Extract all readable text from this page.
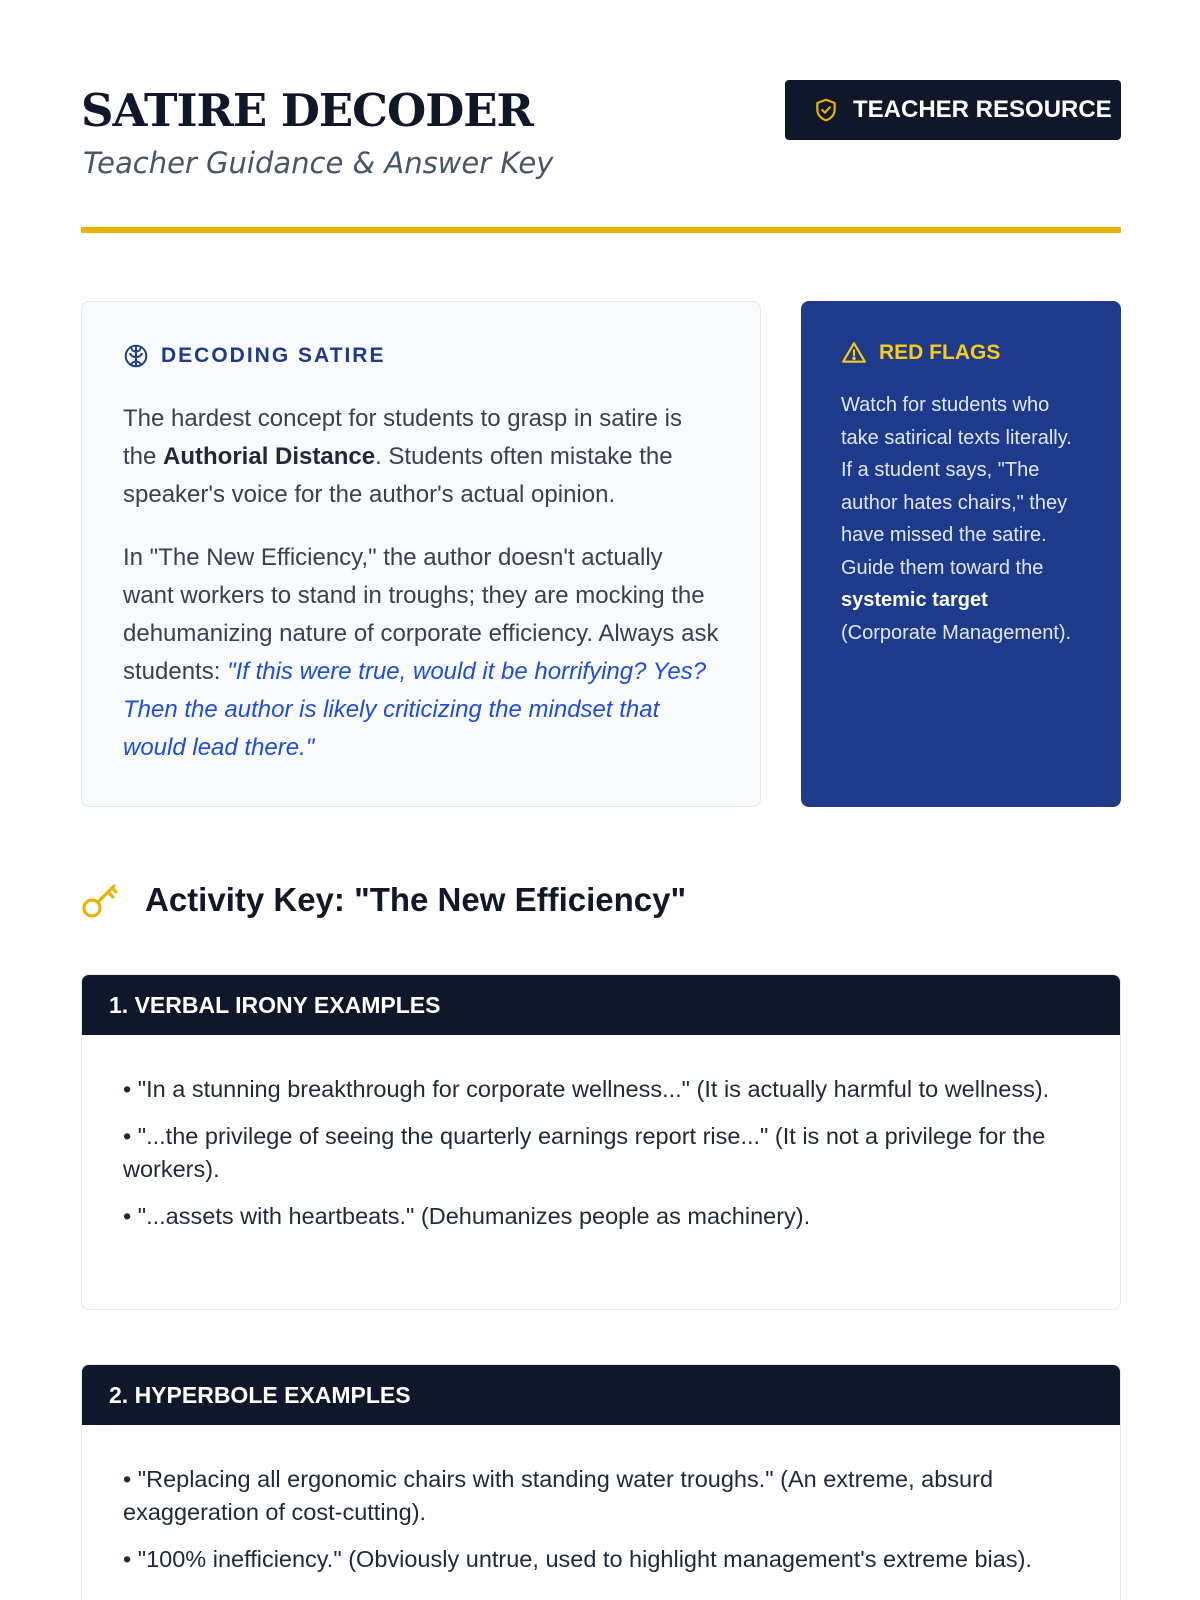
SATIRE DECODER
Teacher Guidance & Answer Key
TEACHER RESOURCE
DECODING SATIRE

The hardest concept for students to grasp in satire is the Authorial Distance. Students often mistake the speaker's voice for the author's actual opinion.

In "The New Efficiency," the author doesn't actually want workers to stand in troughs; they are mocking the dehumanizing nature of corporate efficiency. Always ask students: "If this were true, would it be horrifying? Yes? Then the author is likely criticizing the mindset that would lead there."

RED FLAGS

Watch for students who take satirical texts literally. If a student says, "The author hates chairs," they have missed the satire. Guide them toward the systemic target (Corporate Management).

Activity Key: "The New Efficiency"
1. VERBAL IRONY EXAMPLES
• "In a stunning breakthrough for corporate wellness..." (It is actually harmful to wellness).
• "...the privilege of seeing the quarterly earnings report rise..." (It is not a privilege for the workers).
• "...assets with heartbeats." (Dehumanizes people as machinery).
2. HYPERBOLE EXAMPLES
• "Replacing all ergonomic chairs with standing water troughs." (An extreme, absurd exaggeration of cost-cutting).
• "100% inefficiency." (Obviously untrue, used to highlight management's extreme bias).
